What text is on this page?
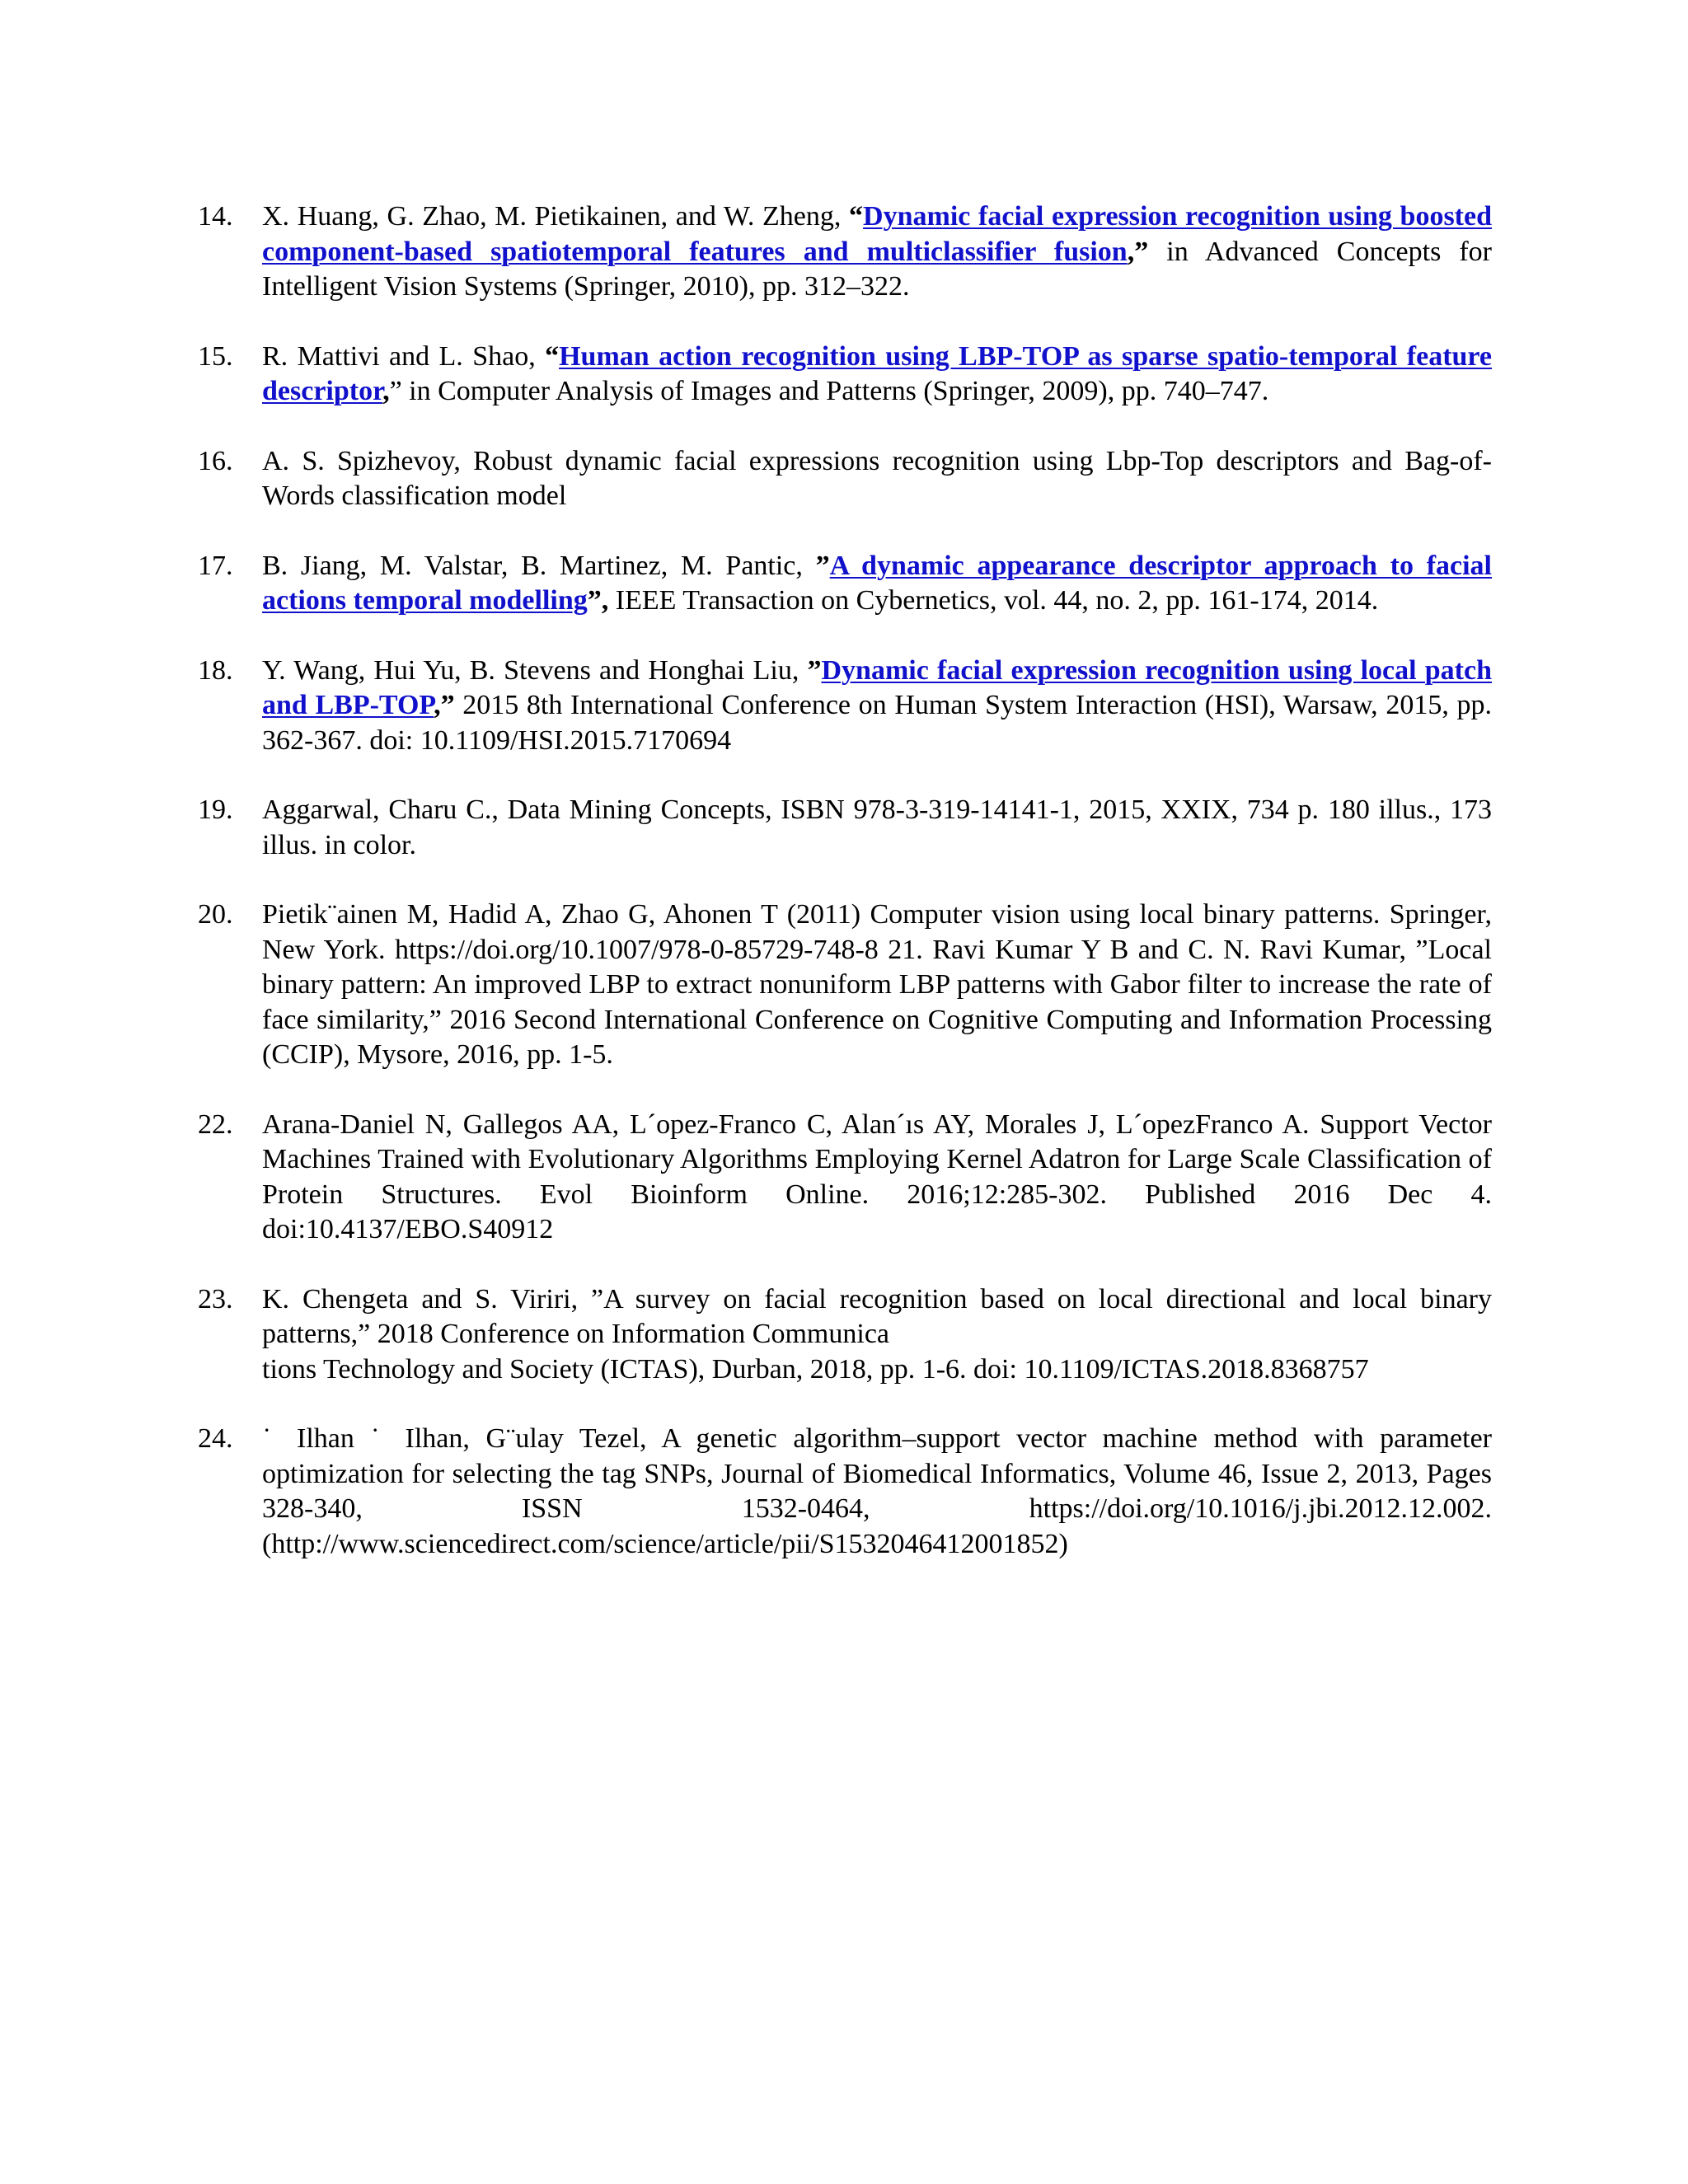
14.	X. Huang, G. Zhao, M. Pietikainen, and W. Zheng, “Dynamic facial expression recognition using boosted component-based spatiotemporal features and multiclassifier fusion,” in Advanced Concepts for Intelligent Vision Systems (Springer, 2010), pp. 312–322.
15.	R. Mattivi and L. Shao, “Human action recognition using LBP-TOP as sparse spatio-temporal feature descriptor,” in Computer Analysis of Images and Patterns (Springer, 2009), pp. 740–747.
16.	A. S. Spizhevoy, Robust dynamic facial expressions recognition using Lbp-Top descriptors and Bag-of-Words classification model
17.	B. Jiang, M. Valstar, B. Martinez, M. Pantic, ”A dynamic appearance descriptor approach to facial actions temporal modelling”, IEEE Transaction on Cybernetics, vol. 44, no. 2, pp. 161-174, 2014.
18.	Y. Wang, Hui Yu, B. Stevens and Honghai Liu, ”Dynamic facial expression recognition using local patch and LBP-TOP,” 2015 8th International Conference on Human System Interaction (HSI), Warsaw, 2015, pp. 362-367. doi: 10.1109/HSI.2015.7170694
19.	Aggarwal, Charu C., Data Mining Concepts, ISBN 978-3-319-14141-1, 2015, XXIX, 734 p. 180 illus., 173 illus. in color.
20.	Pietik¨ainen M, Hadid A, Zhao G, Ahonen T (2011) Computer vision using local binary patterns. Springer, New York. https://doi.org/10.1007/978-0-85729-748-8 21. Ravi Kumar Y B and C. N. Ravi Kumar, ”Local binary pattern: An improved LBP to extract nonuniform LBP patterns with Gabor filter to increase the rate of face similarity,” 2016 Second International Conference on Cognitive Computing and Information Processing (CCIP), Mysore, 2016, pp. 1-5.
22.	Arana-Daniel N, Gallegos AA, L´opez-Franco C, Alan´ıs AY, Morales J, L´opezFranco A. Support Vector Machines Trained with Evolutionary Algorithms Employing Kernel Adatron for Large Scale Classification of Protein Structures. Evol Bioinform Online. 2016;12:285-302. Published 2016 Dec 4. doi:10.4137/EBO.S40912
23.	K. Chengeta and S. Viriri, ”A survey on facial recognition based on local directional and local binary patterns,” 2018 Conference on Information Communica
tions Technology and Society (ICTAS), Durban, 2018, pp. 1-6. doi: 10.1109/ICTAS.2018.8368757
24.	˙ Ilhan ˙ Ilhan, G¨ulay Tezel, A genetic algorithm–support vector machine method with parameter optimization for selecting the tag SNPs, Journal of Biomedical Informatics, Volume 46, Issue 2, 2013, Pages 328-340, ISSN 1532-0464, https://doi.org/10.1016/j.jbi.2012.12.002. (http://www.sciencedirect.com/science/article/pii/S1532046412001852)
